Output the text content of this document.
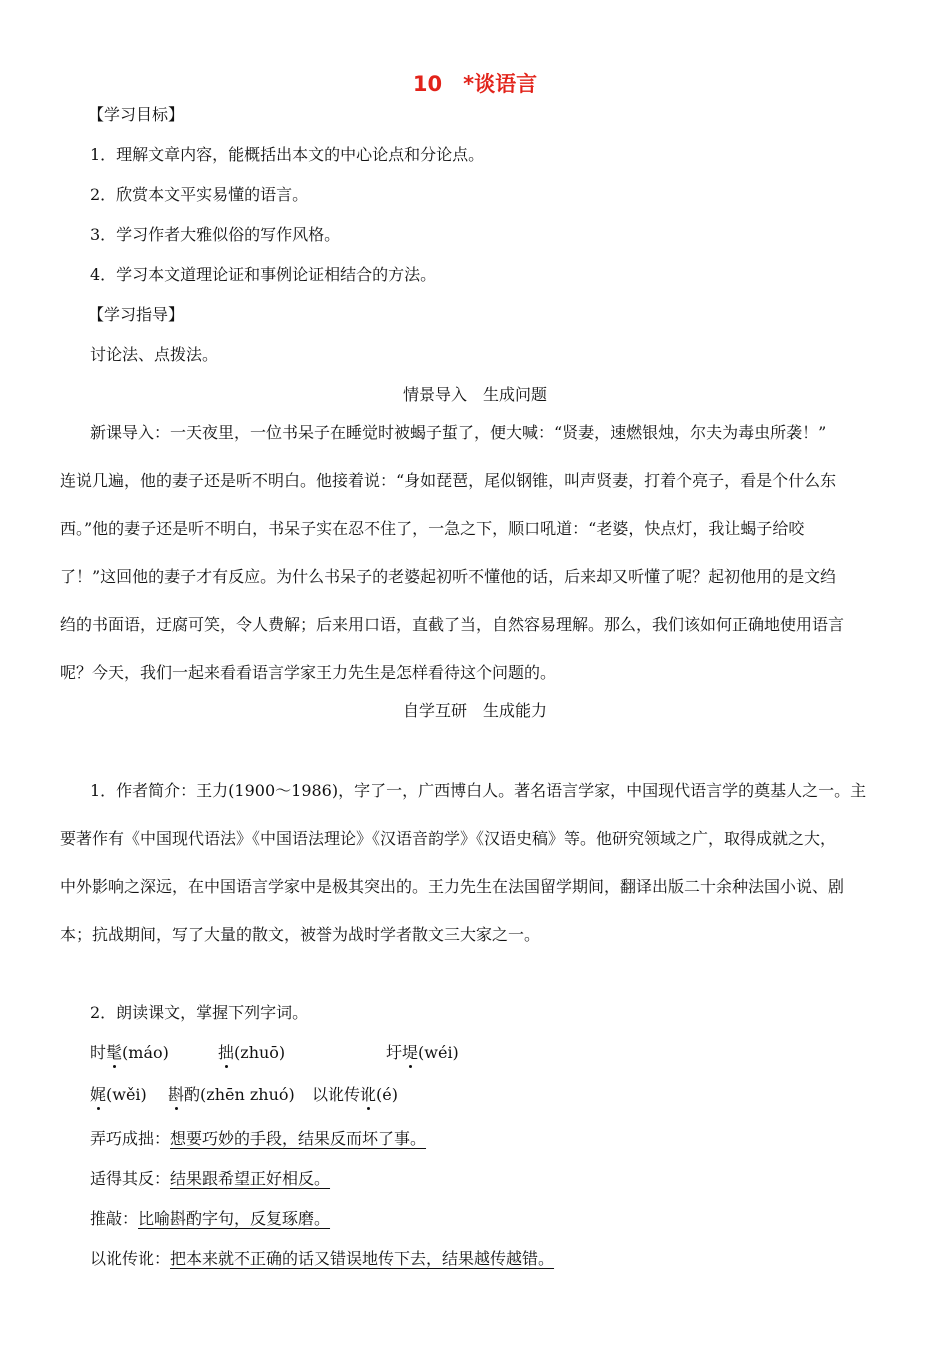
10　*谈语言
【学习目标】
1．理解文章内容，能概括出本文的中心论点和分论点。
2．欣赏本文平实易懂的语言。
3．学习作者大雅似俗的写作风格。
4．学习本文道理论证和事例论证相结合的方法。
【学习指导】
讨论法、点拨法。
情景导入　生成问题
新课导入：一天夜里，一位书呆子在睡觉时被蝎子蜇了，便大喊：“贤妻，速燃银烛，尔夫为毒虫所袭！”
连说几遍，他的妻子还是听不明白。他接着说：“身如琵琶，尾似钢锥，叫声贤妻，打着个亮子，看是个什么东
西。”他的妻子还是听不明白，书呆子实在忍不住了，一急之下，顺口吼道：“老婆，快点灯，我让蝎子给咬
了！”这回他的妻子才有反应。为什么书呆子的老婆起初听不懂他的话，后来却又听懂了呢？起初他用的是文绉
绉的书面语，迂腐可笑，令人费解；后来用口语，直截了当，自然容易理解。那么，我们该如何正确地使用语言
呢？今天，我们一起来看看语言学家王力先生是怎样看待这个问题的。
自学互研　生成能力
1．作者简介：王力(1900～1986)，字了一，广西博白人。著名语言学家，中国现代语言学的奠基人之一。主
要著作有《中国现代语法》《中国语法理论》《汉语音韵学》《汉语史稿》等。他研究领域之广，取得成就之大，
中外影响之深远，在中国语言学家中是极其突出的。王力先生在法国留学期间，翻译出版二十余种法国小说、剧
本；抗战期间，写了大量的散文，被誉为战时学者散文三大家之一。
2．朗读课文，掌握下列字词。
时髦(máo)	拙(zhuō)	圩堤(wéi)
娓(wěi) 斟酌(zhēn zhuó) 以讹传讹(é)
弄巧成拙：想要巧妙的手段，结果反而坏了事。
适得其反：结果跟希望正好相反。
推敲：比喻斟酌字句，反复琢磨。
以讹传讹：把本来就不正确的话又错误地传下去，结果越传越错。
